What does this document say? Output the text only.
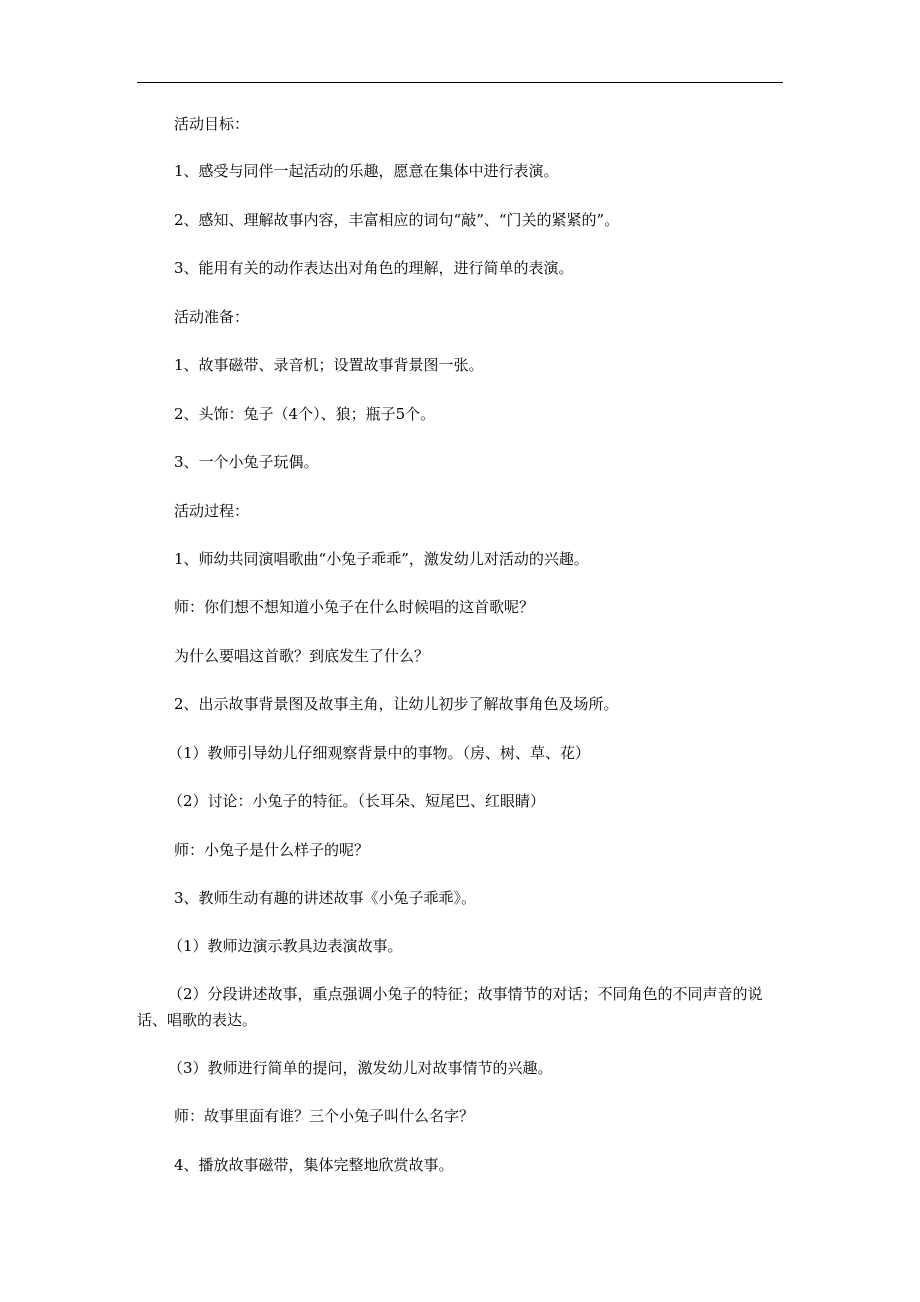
活动目标：
1、感受与同伴一起活动的乐趣，愿意在集体中进行表演。
2、感知、理解故事内容，丰富相应的词句“敲”、“门关的紧紧的”。
3、能用有关的动作表达出对角色的理解，进行简单的表演。
活动准备：
1、故事磁带、录音机；设置故事背景图一张。
2、头饰：兔子（4个）、狼；瓶子5个。
3、一个小兔子玩偶。
活动过程：
1、师幼共同演唱歌曲“小兔子乖乖”，激发幼儿对活动的兴趣。
师：你们想不想知道小兔子在什么时候唱的这首歌呢？
为什么要唱这首歌？到底发生了什么？
2、出示故事背景图及故事主角，让幼儿初步了解故事角色及场所。
（1）教师引导幼儿仔细观察背景中的事物。（房、树、草、花）
（2）讨论：小兔子的特征。（长耳朵、短尾巴、红眼睛）
师：小兔子是什么样子的呢？
3、教师生动有趣的讲述故事《小兔子乖乖》。
（1）教师边演示教具边表演故事。
（2）分段讲述故事，重点强调小兔子的特征；故事情节的对话；不同角色的不同声音的说话、唱歌的表达。
（3）教师进行简单的提问，激发幼儿对故事情节的兴趣。
师：故事里面有谁？三个小兔子叫什么名字？
4、播放故事磁带，集体完整地欣赏故事。
